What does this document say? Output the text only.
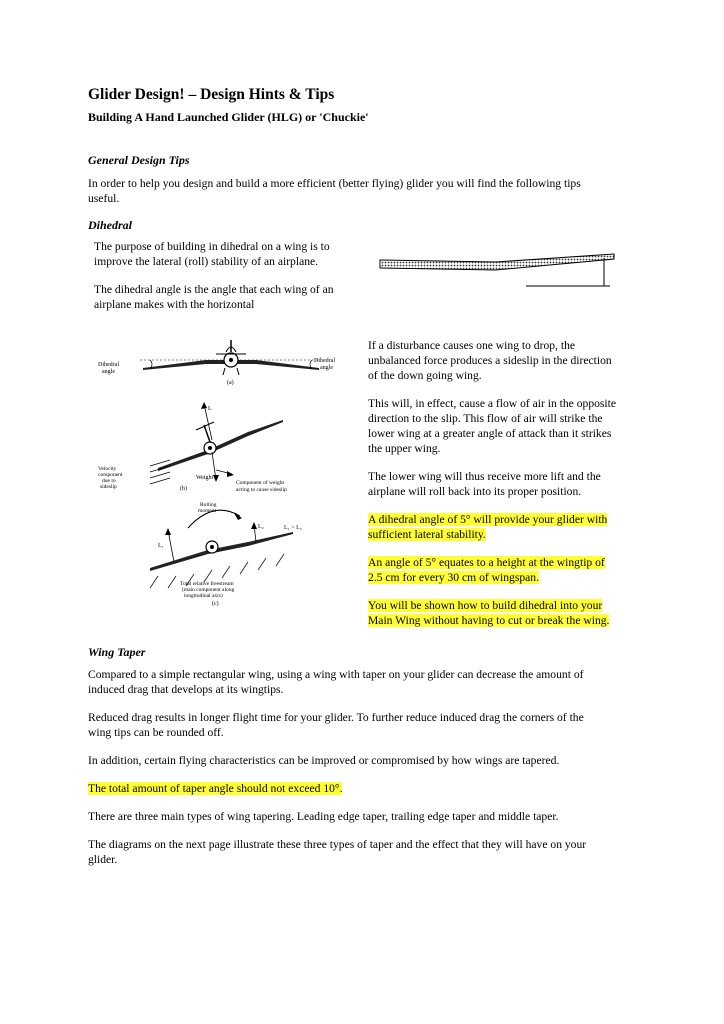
Glider Design! – Design Hints & Tips
Building A Hand Launched Glider (HLG) or 'Chuckie'
General Design Tips

In order to help you design and build a more efficient (better flying) glider you will find the following tips

useful.

Dihedral

The purpose of building in dihedral on a wing is to

improve the lateral (roll) stability of an airplane.

The dihedral angle is the angle that each wing of an

airplane makes with the horizontal

Dihedral
angle
Dihedral
angle
(a)
L
Weight
Component of weight
acting to cause sideslip
Velocity
component
due to
sideslip	(b)
Rolling
moment
L₁
L₂	L₁ > L₂
Total relative freestream
(main component along
longitudinal axis)
(c)

If a disturbance causes one wing to drop, the

unbalanced force produces a sideslip in the direction

of the down going wing.

This will, in effect, cause a flow of air in the opposite

direction to the slip. This flow of air will strike the

lower wing at a greater angle of attack than it strikes

the upper wing.

The lower wing will thus receive more lift and the

airplane will roll back into its proper position.

A dihedral angle of 5° will provide your glider with

sufficient lateral stability.

An angle of 5° equates to a height at the wingtip of

2.5 cm for every 30 cm of wingspan.

You will be shown how to build dihedral into your

Main Wing without having to cut or break the wing.

Wing Taper

Compared to a simple rectangular wing, using a wing with taper on your glider can decrease the amount of

induced drag that develops at its wingtips.

Reduced drag results in longer flight time for your glider. To further reduce induced drag the corners of the

wing tips can be rounded off.

In addition, certain flying characteristics can be improved or compromised by how wings are tapered.

The total amount of taper angle should not exceed 10°.

There are three main types of wing tapering. Leading edge taper, trailing edge taper and middle taper.

The diagrams on the next page illustrate these three types of taper and the effect that they will have on your

glider.
